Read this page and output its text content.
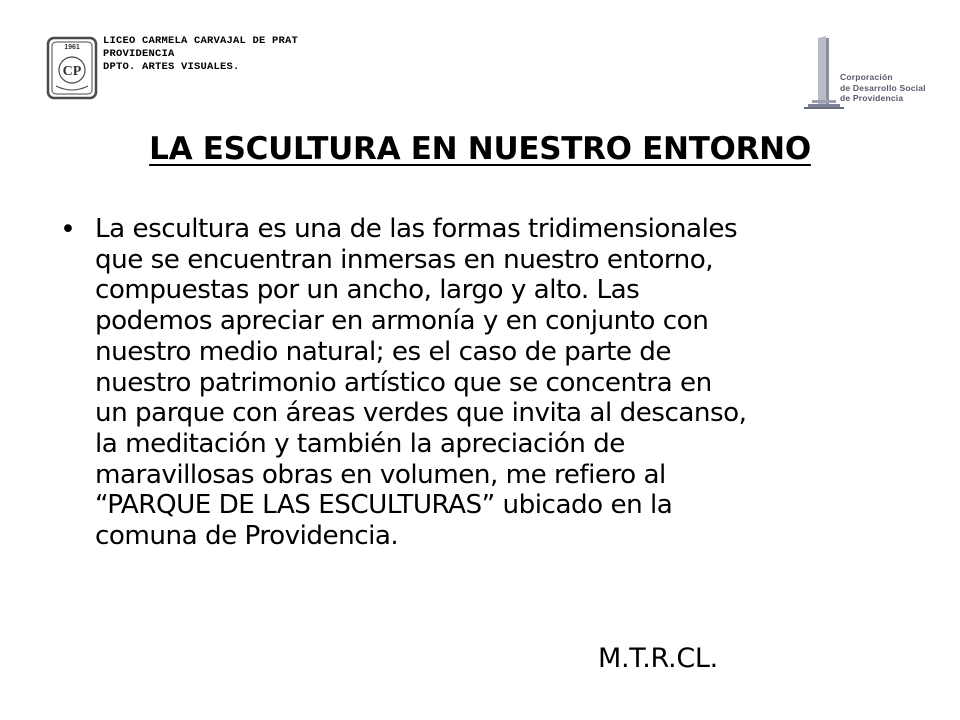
1961
CP
LICEO CARMELA CARVAJAL DE PRAT
PROVIDENCIA
DPTO. ARTES VISUALES.
Corporación
de Desarrollo Social
de Providencia
LA ESCULTURA EN NUESTRO ENTORNO
• La escultura es una de las formas tridimensionales
que se encuentran inmersas en nuestro entorno,
compuestas por un ancho, largo y alto. Las
podemos apreciar en armonía y en conjunto con
nuestro medio natural; es el caso de parte de
nuestro patrimonio artístico que se concentra en
un parque con áreas verdes que invita al descanso,
la meditación y también la apreciación de
maravillosas obras en volumen, me refiero al
“PARQUE DE LAS ESCULTURAS” ubicado en la
comuna de Providencia.
M.T.R.CL.
